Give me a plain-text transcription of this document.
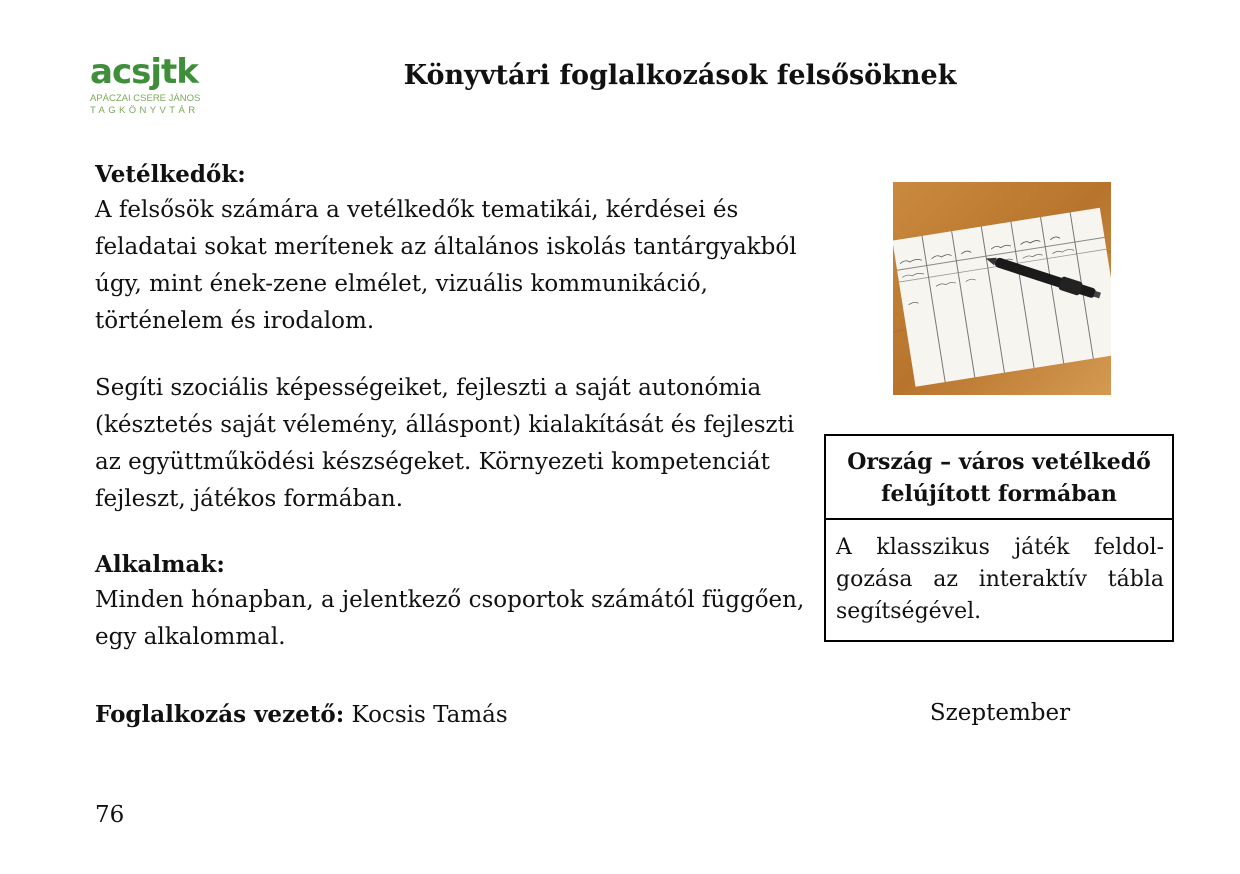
acsjtk
APÁCZAI CSERE JÁNOS
TAGKÖNYVTÁR
Könyvtári foglalkozások felsősöknek

Vetélkedők:

A felsősök számára a vetélkedők tematikái, kérdései és feladatai sokat merítenek az általános iskolás tantárgyakból úgy, mint ének-zene elmélet, vizuális kommunikáció, történelem és irodalom.

Segíti szociális képességeiket, fejleszti a saját autonómia (késztetés saját vélemény, álláspont) kialakítását és fejleszti az együttműködési készségeket. Környezeti kompetenciát fejleszt, játékos formában.

Alkalmak:

Minden hónapban, a jelentkező csoportok számától függően, egy alkalommal.

Foglalkozás vezető: Kocsis Tamás
76

Ország – város vetélkedő felújított formában

A klasszikus játék feldolgozása az interaktív tábla segítségével.

Szeptember
